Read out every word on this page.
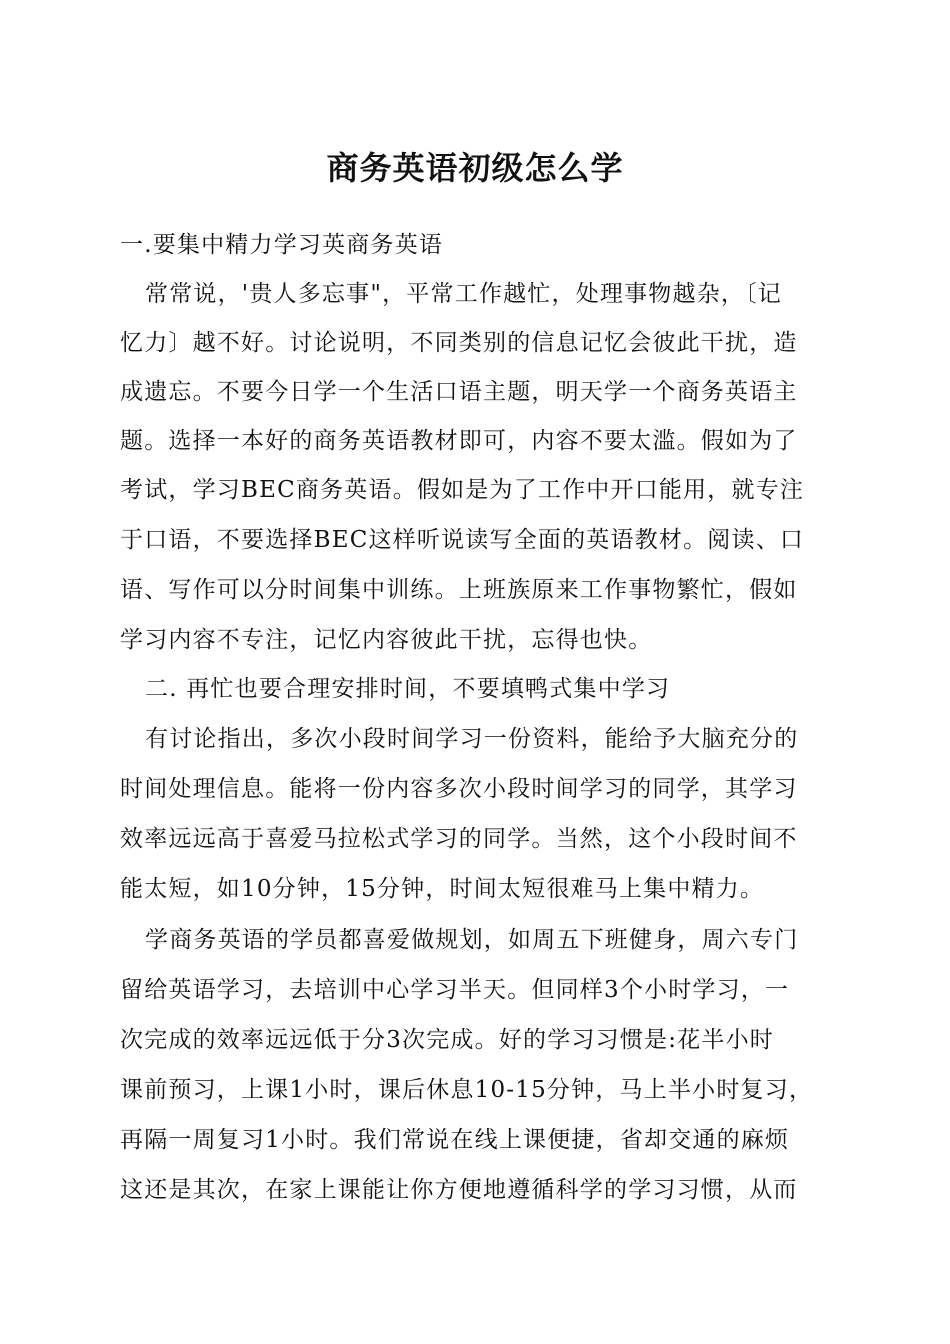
商务英语初级怎么学
一.要集中精力学习英商务英语
常常说，'贵人多忘事"，平常工作越忙，处理事物越杂，〔记
忆力〕越不好。讨论说明，不同类别的信息记忆会彼此干扰，造
成遗忘。不要今日学一个生活口语主题，明天学一个商务英语主
题。选择一本好的商务英语教材即可，内容不要太滥。假如为了
考试，学习BEC商务英语。假如是为了工作中开口能用，就专注
于口语，不要选择BEC这样听说读写全面的英语教材。阅读、口
语、写作可以分时间集中训练。上班族原来工作事物繁忙，假如
学习内容不专注，记忆内容彼此干扰，忘得也快。
二. 再忙也要合理安排时间，不要填鸭式集中学习
有讨论指出，多次小段时间学习一份资料，能给予大脑充分的
时间处理信息。能将一份内容多次小段时间学习的同学，其学习
效率远远高于喜爱马拉松式学习的同学。当然，这个小段时间不
能太短，如10分钟，15分钟，时间太短很难马上集中精力。
学商务英语的学员都喜爱做规划，如周五下班健身，周六专门
留给英语学习，去培训中心学习半天。但同样3个小时学习，一
次完成的效率远远低于分3次完成。好的学习习惯是:花半小时
课前预习，上课1小时，课后休息10-15分钟，马上半小时复习，
再隔一周复习1小时。我们常说在线上课便捷，省却交通的麻烦
这还是其次，在家上课能让你方便地遵循科学的学习习惯，从而
